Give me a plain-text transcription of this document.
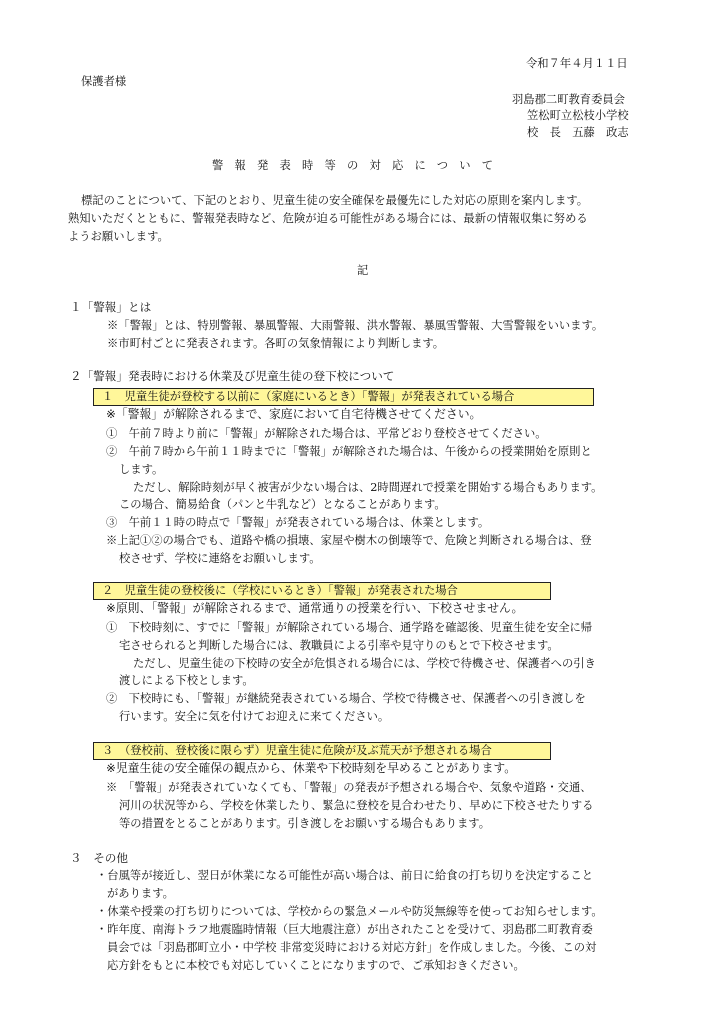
令和７年４月１１日

保護者様

羽島郡二町教育委員会

笠松町立松枝小学校

校　長　五藤　政志

警報発表時等の対応について

標記のことについて、下記のとおり、児童生徒の安全確保を最優先にした対応の原則を案内します。

熟知いただくとともに、警報発表時など、危険が迫る可能性がある場合には、最新の情報収集に努める

ようお願いします。

記

１「警報」とは

※「警報」とは、特別警報、暴風警報、大雨警報、洪水警報、暴風雪警報、大雪警報をいいます。

※市町村ごとに発表されます。各町の気象情報により判断します。

２「警報」発表時における休業及び児童生徒の登下校について

１　児童生徒が登校する以前に（家庭にいるとき）「警報」が発表されている場合

※「警報」が解除されるまで、家庭において自宅待機させてください。

①　午前７時より前に「警報」が解除された場合は、平常どおり登校させてください。

②　午前７時から午前１１時までに「警報」が解除された場合は、午後からの授業開始を原則と

します。

ただし、解除時刻が早く被害が少ない場合は、2時間遅れで授業を開始する場合もあります。

この場合、簡易給食（パンと牛乳など）となることがあります。

③　午前１１時の時点で「警報」が発表されている場合は、休業とします。

※上記①②の場合でも、道路や橋の損壊、家屋や樹木の倒壊等で、危険と判断される場合は、登

校させず、学校に連絡をお願いします。

２　児童生徒の登校後に（学校にいるとき）「警報」が発表された場合

※原則、「警報」が解除されるまで、通常通りの授業を行い、下校させません。

①　下校時刻に、すでに「警報」が解除されている場合、通学路を確認後、児童生徒を安全に帰

宅させられると判断した場合には、教職員による引率や見守りのもとで下校させます。

ただし、児童生徒の下校時の安全が危惧される場合には、学校で待機させ、保護者への引き

渡しによる下校とします。

②　下校時にも、「警報」が継続発表されている場合、学校で待機させ、保護者への引き渡しを

行います。安全に気を付けてお迎えに来てください。

３　（登校前、登校後に限らず）児童生徒に危険が及ぶ荒天が予想される場合

※児童生徒の安全確保の観点から、休業や下校時刻を早めることがあります。

※　「警報」が発表されていなくても、「警報」の発表が予想される場合や、気象や道路・交通、

河川の状況等から、学校を休業したり、緊急に登校を見合わせたり、早めに下校させたりする

等の措置をとることがあります。引き渡しをお願いする場合もあります。

３　その他

・台風等が接近し、翌日が休業になる可能性が高い場合は、前日に給食の打ち切りを決定すること

があります。

・休業や授業の打ち切りについては、学校からの緊急メールや防災無線等を使ってお知らせします。

・昨年度、南海トラフ地震臨時情報（巨大地震注意）が出されたことを受けて、羽島郡二町教育委

員会では「羽島郡町立小・中学校 非常変災時における対応方針」を作成しました。今後、この対

応方針をもとに本校でも対応していくことになりますので、ご承知おきください。
